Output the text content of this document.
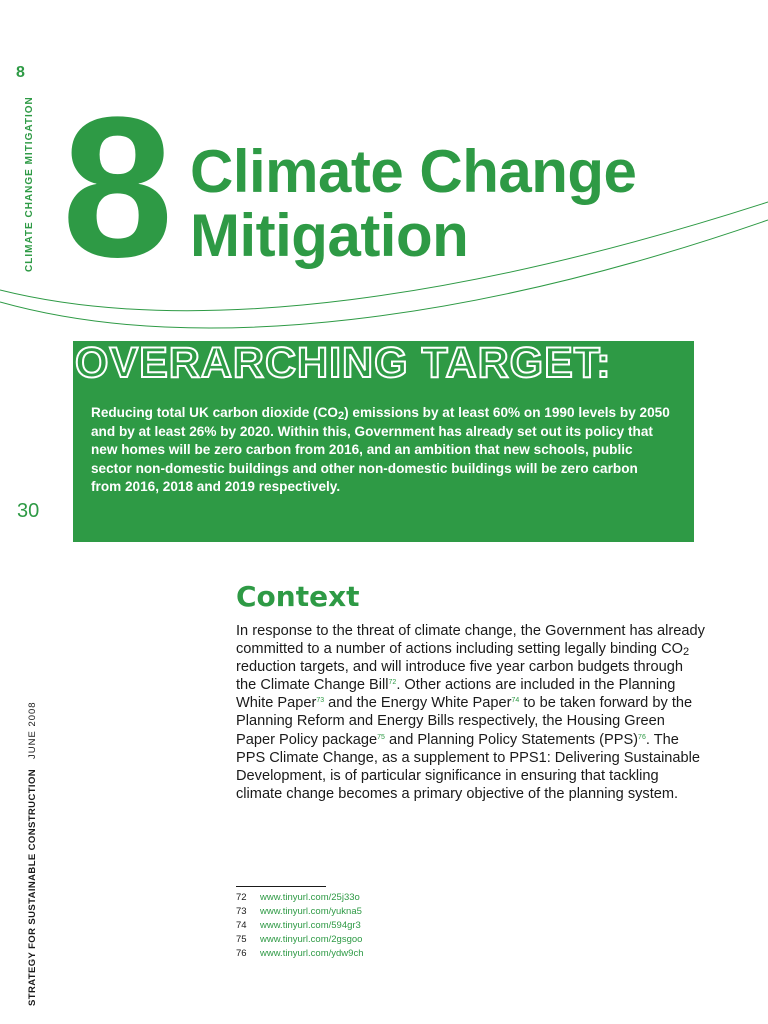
8
CLIMATE CHANGE MITIGATION
30
STRATEGY FOR SUSTAINABLE CONSTRUCTIONJUNE 2008
8 Climate Change
Mitigation
OVERARCHING TARGET:

Reducing total UK carbon dioxide $(CO_2)$ emissions by at least 60% on 1990 levels by 2050 and by at least 26% by 2020. Within this, Government has already set out its policy that new homes will be zero carbon from 2016, and an ambition that new schools, public sector non-domestic buildings and other non-domestic buildings will be zero carbon from 2016, 2018 and 2019 respectively.

Context

In response to the threat of climate change, the Government has already committed to a number of actions including setting legally binding $CO_2$ reduction targets, and will introduce five year carbon budgets through the Climate Change Bill$^{72}$. Other actions are included in the Planning White Paper$^{73}$ and the Energy White Paper$^{74}$ to be taken forward by the Planning Reform and Energy Bills respectively, the Housing Green Paper Policy package$^{75}$ and Planning Policy Statements (PPS)$^{76}$. The PPS Climate Change, as a supplement to PPS1: Delivering Sustainable Development, is of particular significance in ensuring that tackling climate change becomes a primary objective of the planning system.

72 www.tinyurl.com/25j33o
73 www.tinyurl.com/yukna5
74 www.tinyurl.com/594gr3
75 www.tinyurl.com/2gsgoo
76 www.tinyurl.com/ydw9ch
